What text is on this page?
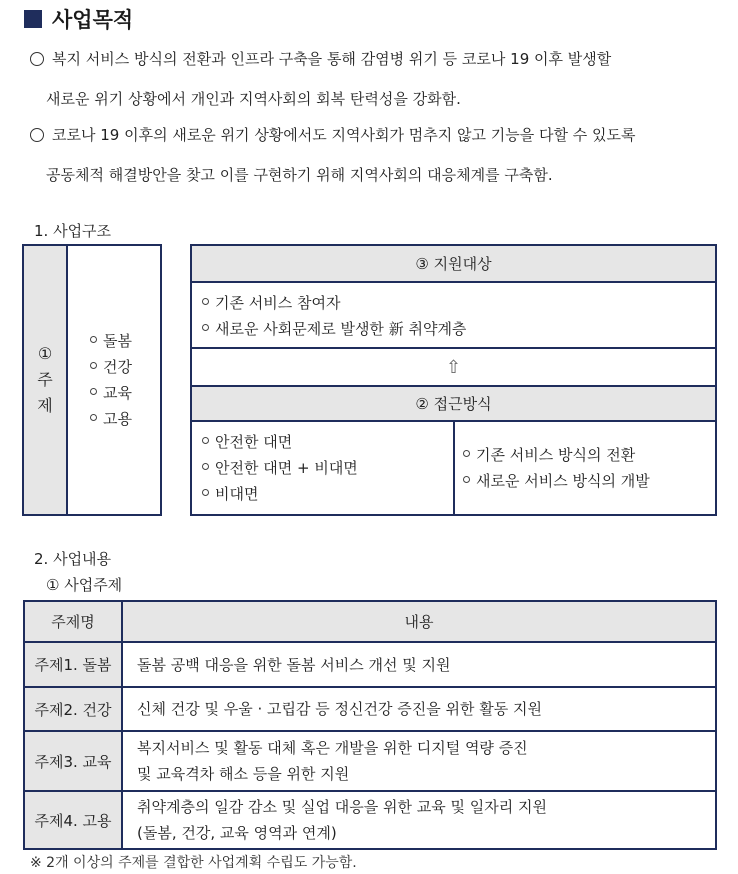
사업목적
복지 서비스 방식의 전환과 인프라 구축을 통해 감염병 위기 등 코로나 19 이후 발생할
새로운 위기 상황에서 개인과 지역사회의 회복 탄력성을 강화함.
코로나 19 이후의 새로운 위기 상황에서도 지역사회가 멈추지 않고 기능을 다할 수 있도록
공동체적 해결방안을 찾고 이를 구현하기 위해 지역사회의 대응체계를 구축함.
1. 사업구조
①
주
제
돌봄
건강
교육
고용
③ 지원대상
기존 서비스 참여자
새로운 사회문제로 발생한 新 취약계층
⇧
② 접근방식
안전한 대면
안전한 대면 + 비대면
비대면
기존 서비스 방식의 전환
새로운 서비스 방식의 개발
2. 사업내용
① 사업주제
주제명	내용
주제1. 돌봄	돌봄 공백 대응을 위한 돌봄 서비스 개선 및 지원

주제2. 건강	신체 건강 및 우울 · 고립감 등 정신건강 증진을 위한 활동 지원

주제3. 교육	복지서비스 및 활동 대체 혹은 개발을 위한 디지털 역량 증진
및 교육격차 해소 등을 위한 지원

주제4. 고용	취약계층의 일감 감소 및 실업 대응을 위한 교육 및 일자리 지원
(돌봄, 건강, 교육 영역과 연계)
※ 2개 이상의 주제를 결합한 사업계획 수립도 가능함.
